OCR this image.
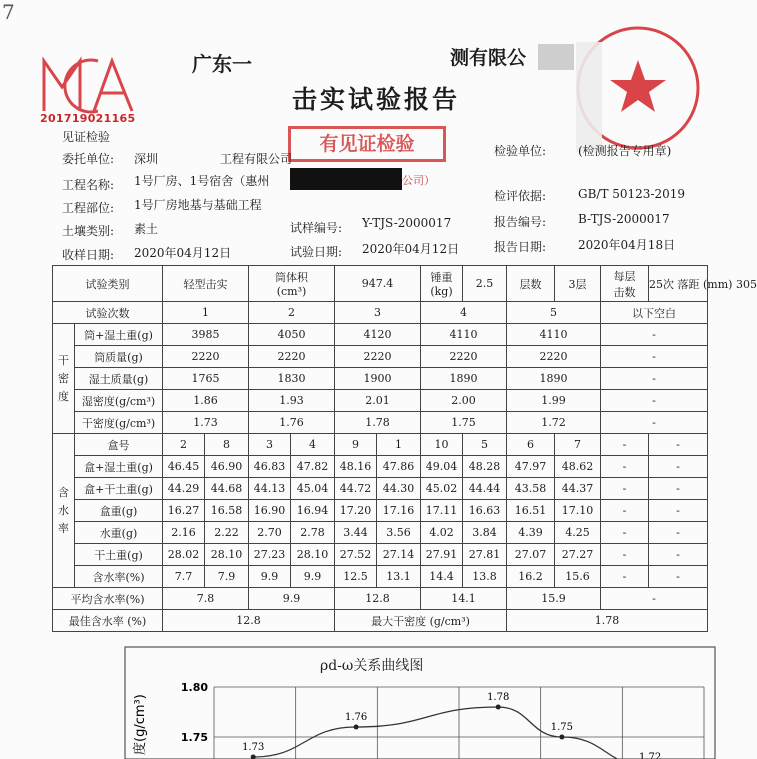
7
201719021165
广东一	测有限公
击实试验报告
见证检验	有见证检验
委托单位: 深圳	工程有限公司
检验单位:	(检测报告专用章)
工程名称: 1号厂房、1号宿舍（惠州	公司）
检评依据:	GB/T 50123-2019
工程部位: 1号厂房地基与基础工程
土壤类别: 素土	试样编号: Y-TJS-2000017	报告编号:	B-TJS-2000017
收样日期: 2020年04月12日	试验日期: 2020年04月12日	报告日期:	2020年04月18日
试验类别		轻型击实		筒体积
(cm³)		947.4		锤重
(kg)	2.5	层数	3层	每层
击数	25次 落距 (mm) 305
试验次数		1		2		3		4		5		以下空白	
干
密
度	筒+湿土重(g)	3985		4050		4120		4110		4110		-	
	筒质量(g)	2220		2220		2220		2220		2220		-	
	湿土质量(g)	1765		1830		1900		1890		1890		-	
	湿密度(g/cm³)	1.86		1.93		2.01		2.00		1.99		-	
	干密度(g/cm³)	1.73		1.76		1.78		1.75		1.72		-	
含
水
率	盒号	2	8	3	4	9	1	10	5	6	7	-	-
	盒+湿土重(g)	46.45	46.90	46.83	47.82	48.16	47.86	49.04	48.28	47.97	48.62	-	-
	盒+干土重(g)	44.29	44.68	44.13	45.04	44.72	44.30	45.02	44.44	43.58	44.37	-	-
	盒重(g)	16.27	16.58	16.90	16.94	17.20	17.16	17.11	16.63	16.51	17.10	-	-
	水重(g)	2.16	2.22	2.70	2.78	3.44	3.56	4.02	3.84	4.39	4.25	-	-
	干土重(g)	28.02	28.10	27.23	28.10	27.52	27.14	27.91	27.81	27.07	27.27	-	-
	含水率(%)	7.7	7.9	9.9	9.9	12.5	13.1	14.4	13.8	16.2	15.6	-	-
平均含水率(%)		7.8		9.9		12.8		14.1		15.9		-	
最佳含水率 (%)		12.8				最大干密度 (g/cm³)				1.78			
1.80
1.75
度(g/cm³)	1.73
1.76
1.78
1.75
1.72
ρd-ω关系曲线图
